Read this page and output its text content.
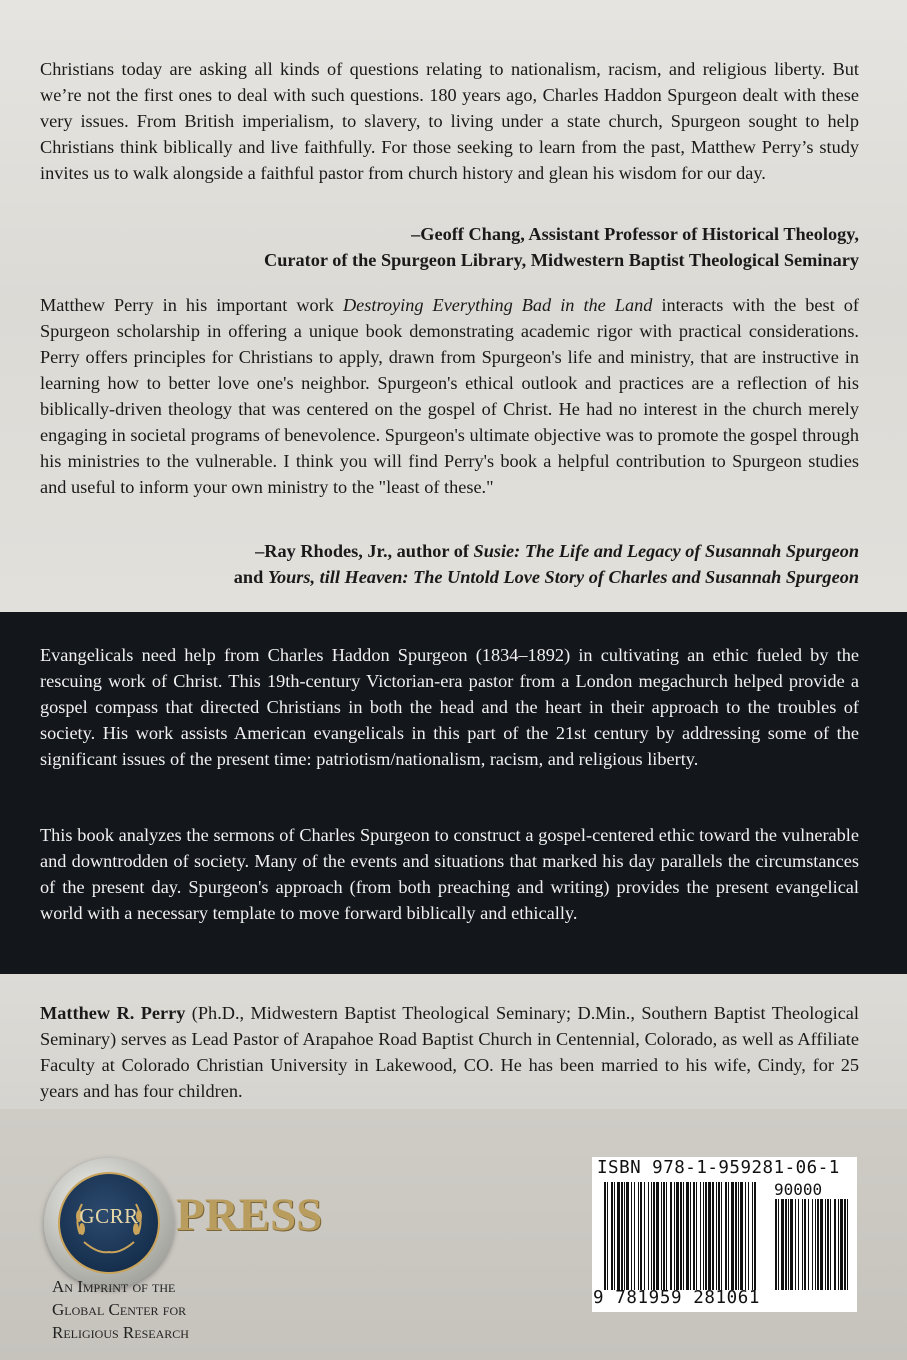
Christians today are asking all kinds of questions relating to nationalism, racism, and religious liberty. But we’re not the first ones to deal with such questions. 180 years ago, Charles Haddon Spurgeon dealt with these very issues. From British imperialism, to slavery, to living under a state church, Spurgeon sought to help Christians think biblically and live faithfully. For those seeking to learn from the past, Matthew Perry’s study invites us to walk alongside a faithful pastor from church history and glean his wisdom for our day.

–Geoff Chang, Assistant Professor of Historical Theology,

Curator of the Spurgeon Library, Midwestern Baptist Theological Seminary

Matthew Perry in his important work Destroying Everything Bad in the Land interacts with the best of Spurgeon scholarship in offering a unique book demonstrating academic rigor with practical considerations. Perry offers principles for Christians to apply, drawn from Spurgeon's life and ministry, that are instructive in learning how to better love one's neighbor. Spurgeon's ethical outlook and practices are a reflection of his biblically-driven theology that was centered on the gospel of Christ. He had no interest in the church merely engaging in societal programs of benevolence. Spurgeon's ultimate objective was to promote the gospel through his ministries to the vulnerable. I think you will find Perry's book a helpful contribution to Spurgeon studies and useful to inform your own ministry to the "least of these."

–Ray Rhodes, Jr., author of Susie: The Life and Legacy of Susannah Spurgeon

and Yours, till Heaven: The Untold Love Story of Charles and Susannah Spurgeon

Evangelicals need help from Charles Haddon Spurgeon (1834–1892) in cultivating an ethic fueled by the rescuing work of Christ. This 19th-century Victorian-era pastor from a London megachurch helped provide a gospel compass that directed Christians in both the head and the heart in their approach to the troubles of society. His work assists American evangelicals in this part of the 21st century by addressing some of the significant issues of the present time: patriotism/nationalism, racism, and religious liberty.

This book analyzes the sermons of Charles Spurgeon to construct a gospel-centered ethic toward the vulnerable and downtrodden of society. Many of the events and situations that marked his day parallels the circumstances of the present day. Spurgeon's approach (from both preaching and writing) provides the present evangelical world with a necessary template to move forward biblically and ethically.

Matthew R. Perry (Ph.D., Midwestern Baptist Theological Seminary; D.Min., Southern Baptist Theological Seminary) serves as Lead Pastor of Arapahoe Road Baptist Church in Centennial, Colorado, as well as Affiliate Faculty at Colorado Christian University in Lakewood, CO. He has been married to his wife, Cindy, for 25 years and has four children.

GCRR PRESS
An Imprint of the
Global Center for
Religious Research
ISBN 978-1-959281-06-1
90000
9 781959 281061
